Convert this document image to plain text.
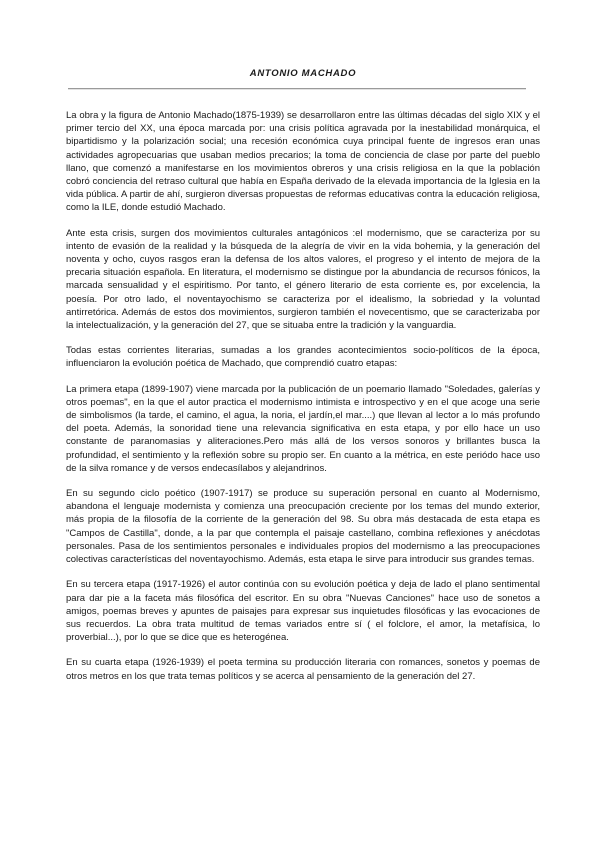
ANTONIO MACHADO

La obra y la figura de Antonio Machado(1875-1939) se desarrollaron entre las últimas décadas del siglo XIX y el primer tercio del XX, una época marcada por: una crisis política agravada por la inestabilidad monárquica, el bipartidismo y la polarización social; una recesión económica cuya principal fuente de ingresos eran unas actividades agropecuarias que usaban medios precarios; la toma de conciencia de clase por parte del pueblo llano, que comenzó a manifestarse en los movimientos obreros y una crisis religiosa en la que la población cobró conciencia del retraso cultural que había en España derivado de la elevada importancia de la Iglesia en la vida pública. A partir de ahí, surgieron diversas propuestas de reformas educativas contra la educación religiosa, como la ILE, donde estudió Machado.

Ante esta crisis, surgen dos movimientos culturales antagónicos :el modernismo, que se caracteriza por su intento de evasión de la realidad y la búsqueda de la alegría de vivir en la vida bohemia, y la generación del noventa y ocho, cuyos rasgos eran la defensa de los altos valores, el progreso y el intento de mejora de la precaria situación española. En literatura, el modernismo se distingue por la abundancia de recursos fónicos, la marcada sensualidad y el espiritismo. Por tanto, el género literario de esta corriente es, por excelencia, la poesía. Por otro lado, el noventayochismo se caracteriza por el idealismo, la sobriedad y la voluntad antirretórica. Además de estos dos movimientos, surgieron también el novecentismo, que se caracterizaba por la intelectualización, y la generación del 27, que se situaba entre la tradición y la vanguardia.

Todas estas corrientes literarias, sumadas a los grandes acontecimientos socio-políticos de la época, influenciaron la evolución poética de Machado, que comprendió cuatro etapas:

La primera etapa (1899-1907) viene marcada por la publicación de un poemario llamado "Soledades, galerías y otros poemas", en la que el autor practica el modernismo intimista e introspectivo y en el que acoge una serie de simbolismos (la tarde, el camino, el agua, la noria, el jardín,el mar....) que llevan al lector a lo más profundo del poeta. Además, la sonoridad tiene una relevancia significativa en esta etapa, y por ello hace un uso constante de paranomasias y aliteraciones.Pero más allá de los versos sonoros y brillantes busca la profundidad, el sentimiento y la reflexión sobre su propio ser. En cuanto a la métrica, en este periódo hace uso de la silva romance y de versos endecasílabos y alejandrinos.

En su segundo ciclo poético (1907-1917) se produce su superación personal en cuanto al Modernismo, abandona el lenguaje modernista y comienza una preocupación creciente por los temas del mundo exterior, más propia de la filosofía de la corriente de la generación del 98. Su obra más destacada de esta etapa es "Campos de Castilla", donde, a la par que contempla el paisaje castellano, combina reflexiones y anécdotas personales. Pasa de los sentimientos personales e individuales propios del modernismo a las preocupaciones colectivas características del noventayochismo. Además, esta etapa le sirve para introducir sus grandes temas.

En su tercera etapa (1917-1926) el autor continúa con su evolución poética y deja de lado el plano sentimental para dar pie a la faceta más filosófica del escritor. En su obra "Nuevas Canciones" hace uso de sonetos a amigos, poemas breves y apuntes de paisajes para expresar sus inquietudes filosóficas y las evocaciones de sus recuerdos. La obra trata multitud de temas variados entre sí ( el folclore, el amor, la metafísica, lo proverbial...), por lo que se dice que es heterogénea.

En su cuarta etapa (1926-1939) el poeta termina su producción literaria con romances, sonetos y poemas de otros metros en los que trata temas políticos y se acerca al pensamiento de la generación del 27.
